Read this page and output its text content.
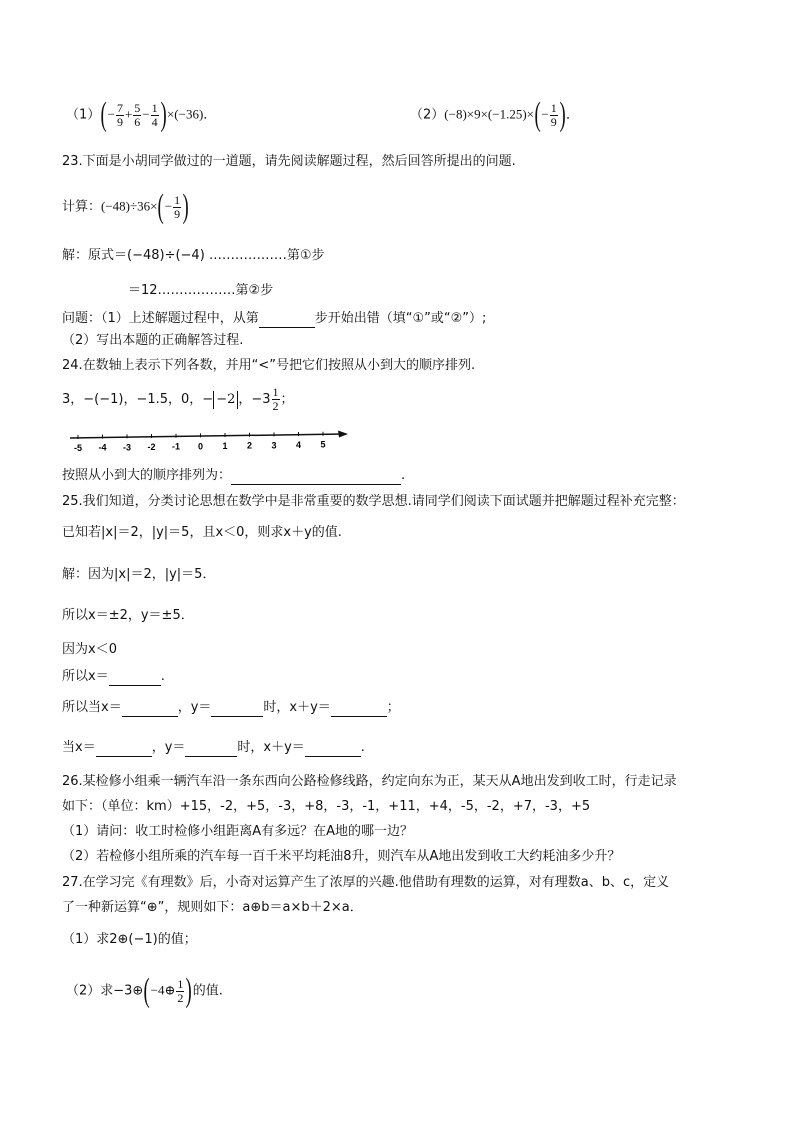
$(1)(- \frac{7}{9} + \frac{5}{6} - \frac{1}{4} )\times(-36)$．	$(2)(-8)\times 9\times(-1.25)\times(- \frac{1}{9}$ )．
23.下面是小胡同学做过的一道题，请先阅读解题过程，然后回答所提出的问题.
计算：$(-48)\div 36\times(- \frac{1}{9}$ )
解：原式＝(−48)÷(−4) ………………第①步
＝12………………第②步
问题：（1）上述解题过程中，从第	步开始出错（填“①”或“②”）;
（2）写出本题的正确解答过程.
24.在数轴上表示下列各数，并用“<”号把它们按照从小到大的顺序排列.
3，−(−1)，−1.5，0，− −2 ，$-3 \frac{1}{2}$ ；
-5 -4 -3 -2 -1 0 1 2 3 4 5
按照从小到大的顺序排列为：	.
25.我们知道，分类讨论思想在数学中是非常重要的数学思想.请同学们阅读下面试题并把解题过程补充完整：
已知若|x|＝2，|y|＝5，且x＜0，则求x＋y的值.
解：因为|x|＝2，|y|＝5．
所以x＝±2，y＝±5．
因为x＜0
所以x＝	.
所以当x＝	，y＝	时，x＋y＝	；
当x＝	，y＝	时，x＋y＝	.
26.某检修小组乘一辆汽车沿一条东西向公路检修线路，约定向东为正，某天从A地出发到收工时，行走记录
如下：（单位：km）+15，-2，+5，-3，+8，-3，-1，+11，+4，-5，-2，+7，-3，+5
（1）请问：收工时检修小组距离A有多远？在A地的哪一边？
（2）若检修小组所乘的汽车每一百千米平均耗油8升，则汽车从A地出发到收工大约耗油多少升？
27.在学习完《有理数》后，小奇对运算产生了浓厚的兴趣.他借助有理数的运算，对有理数a、b、c，定义
了一种新运算“⊕”，规则如下：a⊕b＝a×b＋2×a．
（1）求2⊕(−1)的值；
（2）求−3⊕(−4⊕ $\frac{1}{2}$ )的值.
